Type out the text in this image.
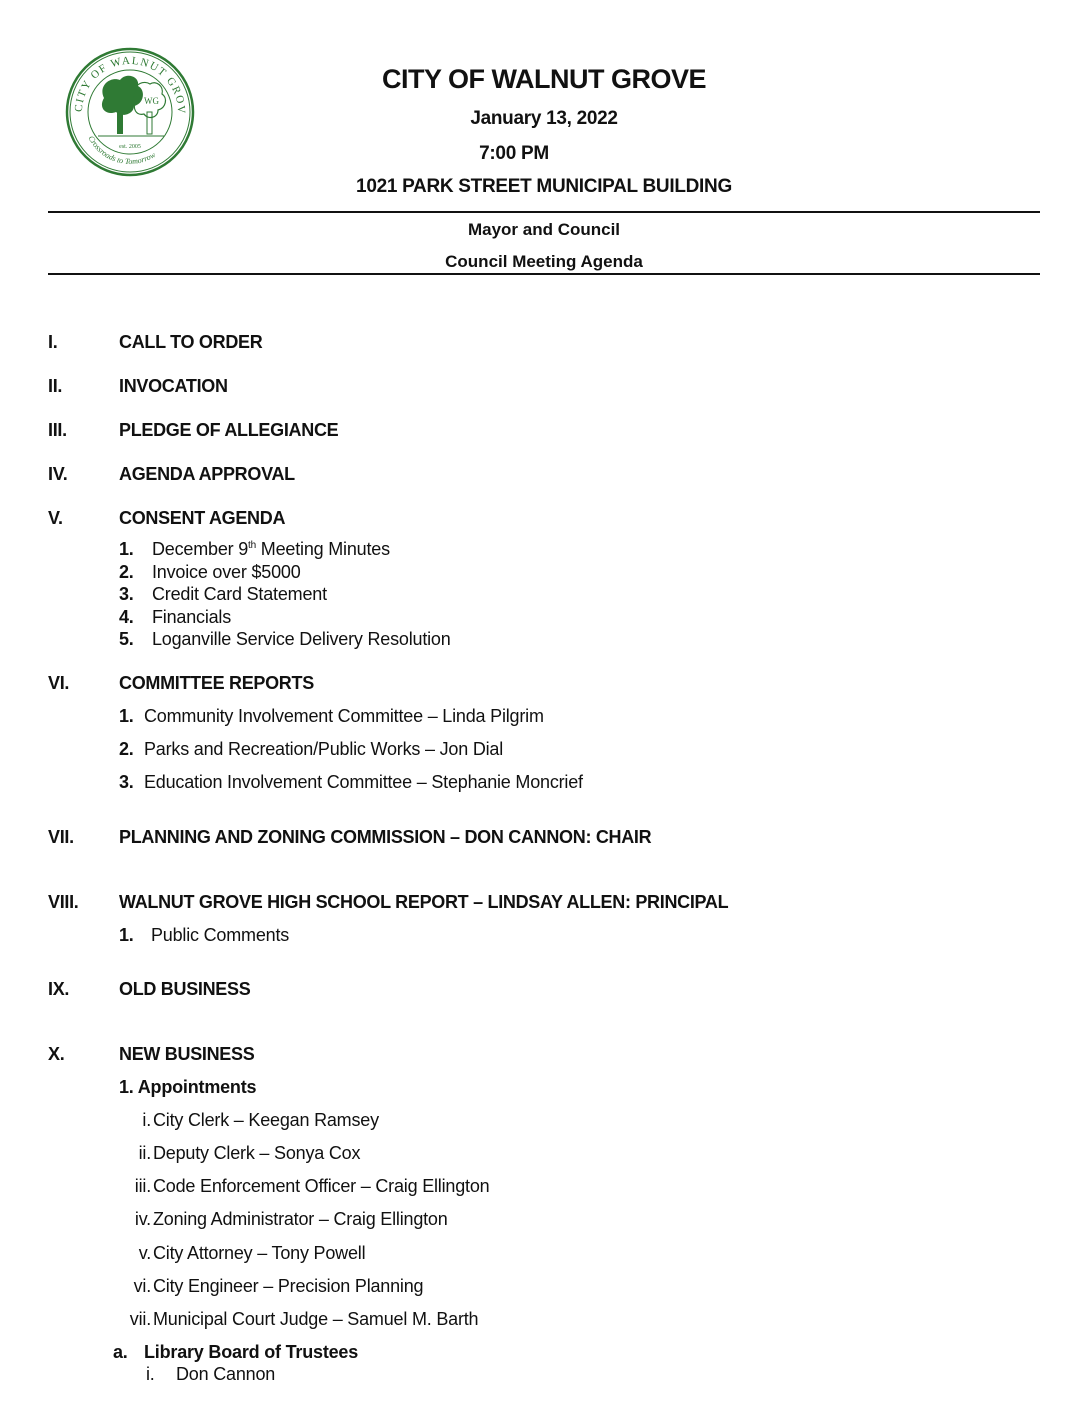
CITY OF WALNUT GROV
Crossroads to Tomorrow
WG
est. 2005
CITY OF WALNUT GROVE
January 13, 2022
7:00 PM
1021 PARK STREET MUNICIPAL BUILDING
Mayor and Council
Council Meeting Agenda
I.	CALL TO ORDER
II.	INVOCATION
III.	PLEDGE OF ALLEGIANCE
IV.	AGENDA APPROVAL
V.	CONSENT AGENDA
1. December 9th Meeting Minutes
2. Invoice over $5000
3. Credit Card Statement
4. Financials
5. Loganville Service Delivery Resolution
VI.	COMMITTEE REPORTS
1. Community Involvement Committee – Linda Pilgrim
2. Parks and Recreation/Public Works – Jon Dial
3. Education Involvement Committee – Stephanie Moncrief
VII.	PLANNING AND ZONING COMMISSION – DON CANNON: CHAIR
VIII. WALNUT GROVE HIGH SCHOOL REPORT – LINDSAY ALLEN: PRINCIPAL
1. Public Comments
IX.	OLD BUSINESS
X.	NEW BUSINESS
1. Appointments
i. City Clerk – Keegan Ramsey
ii. Deputy Clerk – Sonya Cox
iii. Code Enforcement Officer – Craig Ellington
iv. Zoning Administrator – Craig Ellington
v. City Attorney – Tony Powell
vi. City Engineer – Precision Planning
vii. Municipal Court Judge – Samuel M. Barth
a. Library Board of Trustees
i. Don Cannon
